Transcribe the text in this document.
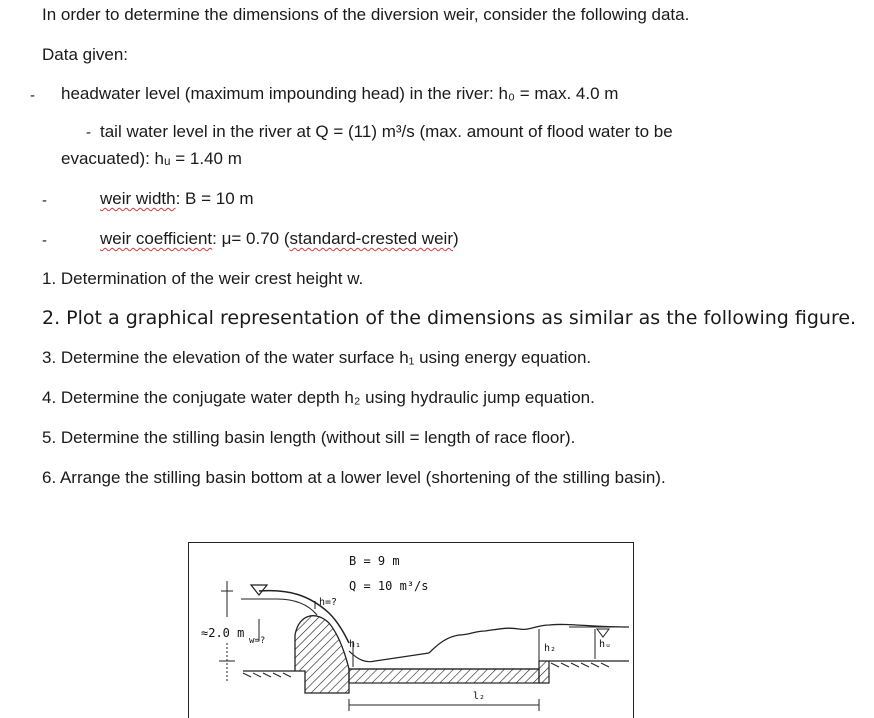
In order to determine the dimensions of the diversion weir, consider the following data.
Data given:
- headwater level (maximum impounding head) in the river: h₀ = max. 4.0 m
- tail water level in the river at Q = (11) m³/s (max. amount of flood water to be
evacuated): hᵤ = 1.40 m
-	weir width: B = 10 m
-	weir coefficient: μ= 0.70 (standard-crested weir)
1. Determination of the weir crest height w.
2. Plot a graphical representation of the dimensions as similar as the following figure.
3. Determine the elevation of the water surface h₁ using energy equation.
4. Determine the conjugate water depth h₂ using hydraulic jump equation.
5. Determine the stilling basin length (without sill = length of race floor).
6. Arrange the stilling basin bottom at a lower level (shortening of the stilling basin).
B = 9 m
Q = 10 m³/s
h=?
≈2.0 m
w=?	h₁	h₂	hᵤ
l₂
